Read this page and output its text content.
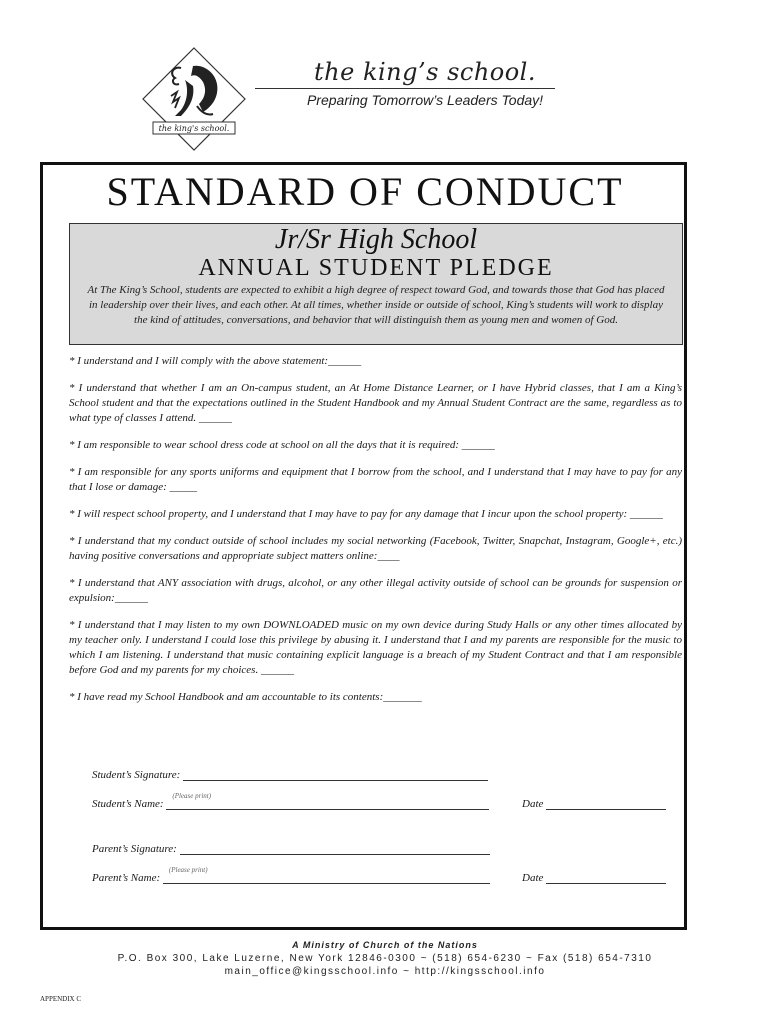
the king's school.
the king’s school.
Preparing Tomorrow’s Leaders Today!
STANDARD OF CONDUCT
Jr/Sr High School
ANNUAL STUDENT PLEDGE
At The King’s School, students are expected to exhibit a high degree of respect toward God, and towards those that God has placed in leadership over their lives, and each other. At all times, whether inside or outside of school, King’s students will work to display the kind of attitudes, conversations, and behavior that will distinguish them as young men and women of God.
* I understand and I will comply with the above statement:______
* I understand that whether I am an On-campus student, an At Home Distance Learner, or I have Hybrid classes, that I am a King’s School student and that the expectations outlined in the Student Handbook and my Annual Student Contract are the same, regardless as to what type of classes I attend. ______
* I am responsible to wear school dress code at school on all the days that it is required: ______
* I am responsible for any sports uniforms and equipment that I borrow from the school, and I understand that I may have to pay for any that I lose or damage: _____
* I will respect school property, and I understand that I may have to pay for any damage that I incur upon the school property: ______
* I understand that my conduct outside of school includes my social networking (Facebook, Twitter, Snapchat, Instagram, Google+, etc.) having positive conversations and appropriate subject matters online:____
* I understand that ANY association with drugs, alcohol, or any other illegal activity outside of school can be grounds for suspension or expulsion:______
* I understand that I may listen to my own DOWNLOADED music on my own device during Study Halls or any other times allocated by my teacher only. I understand I could lose this privilege by abusing it. I understand that I and my parents are responsible for the music to which I am listening. I understand that music containing explicit language is a breach of my Student Contract and that I am responsible before God and my parents for my choices. ______
* I have read my School Handbook and am accountable to its contents:_______
Student’s Signature:
Student’s Name:
(Please print)
Date
Parent’s Signature:
Parent’s Name:
(Please print)
Date
A Ministry of Church of the Nations
P.O. Box 300, Lake Luzerne, New York 12846-0300 ~ (518) 654-6230 ~ Fax (518) 654-7310
main_office@kingsschool.info ~ http://kingsschool.info
APPENDIX C
